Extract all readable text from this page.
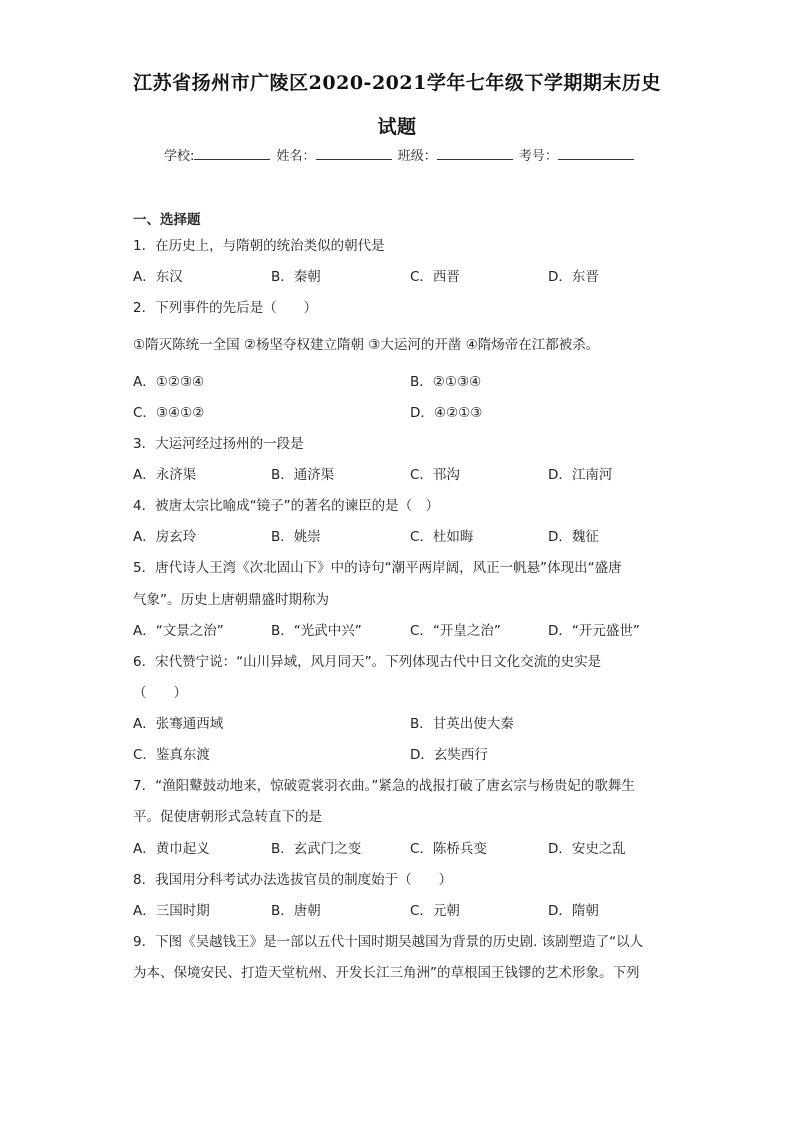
江苏省扬州市广陵区2020-2021学年七年级下学期期末历史
试题
学校:	姓名：	班级：	考号：
一、选择题
1．在历史上，与隋朝的统治类似的朝代是
A．东汉	B．秦朝	C．西晋	D．东晋
2．下列事件的先后是（　　）
①隋灭陈统一全国 ②杨坚夺权建立隋朝 ③大运河的开凿 ④隋炀帝在江都被杀。
A．①②③④	B．②①③④
C．③④①②	D．④②①③
3．大运河经过扬州的一段是
A．永济渠	B．通济渠	C．邗沟	D．江南河
4．被唐太宗比喻成“镜子”的著名的谏臣的是（　）
A．房玄玲	B．姚崇	C．杜如晦	D．魏征
5．唐代诗人王湾《次北固山下》中的诗句“潮平两岸阔，风正一帆悬”体现出“盛唐
气象”。历史上唐朝鼎盛时期称为
A．“文景之治”	B．“光武中兴”	C．“开皇之治”	D．“开元盛世”
6．宋代赞宁说：“山川异域，风月同天”。下列体现古代中日文化交流的史实是
（　　）
A．张骞通西域	B．甘英出使大秦
C．鉴真东渡	D．玄奘西行
7．“渔阳鼙鼓动地来，惊破霓裳羽衣曲。”紧急的战报打破了唐玄宗与杨贵妃的歌舞生
平。促使唐朝形式急转直下的是
A．黄巾起义	B．玄武门之变	C．陈桥兵变	D．安史之乱
8．我国用分科考试办法选拔官员的制度始于（　　）
A．三国时期	B．唐朝	C．元朝	D．隋朝
9．下图《吴越钱王》是一部以五代十国时期吴越国为背景的历史剧. 该剧塑造了“以人
为本、保境安民、打造天堂杭州、开发长江三角洲”的草根国王钱镠的艺术形象。下列
